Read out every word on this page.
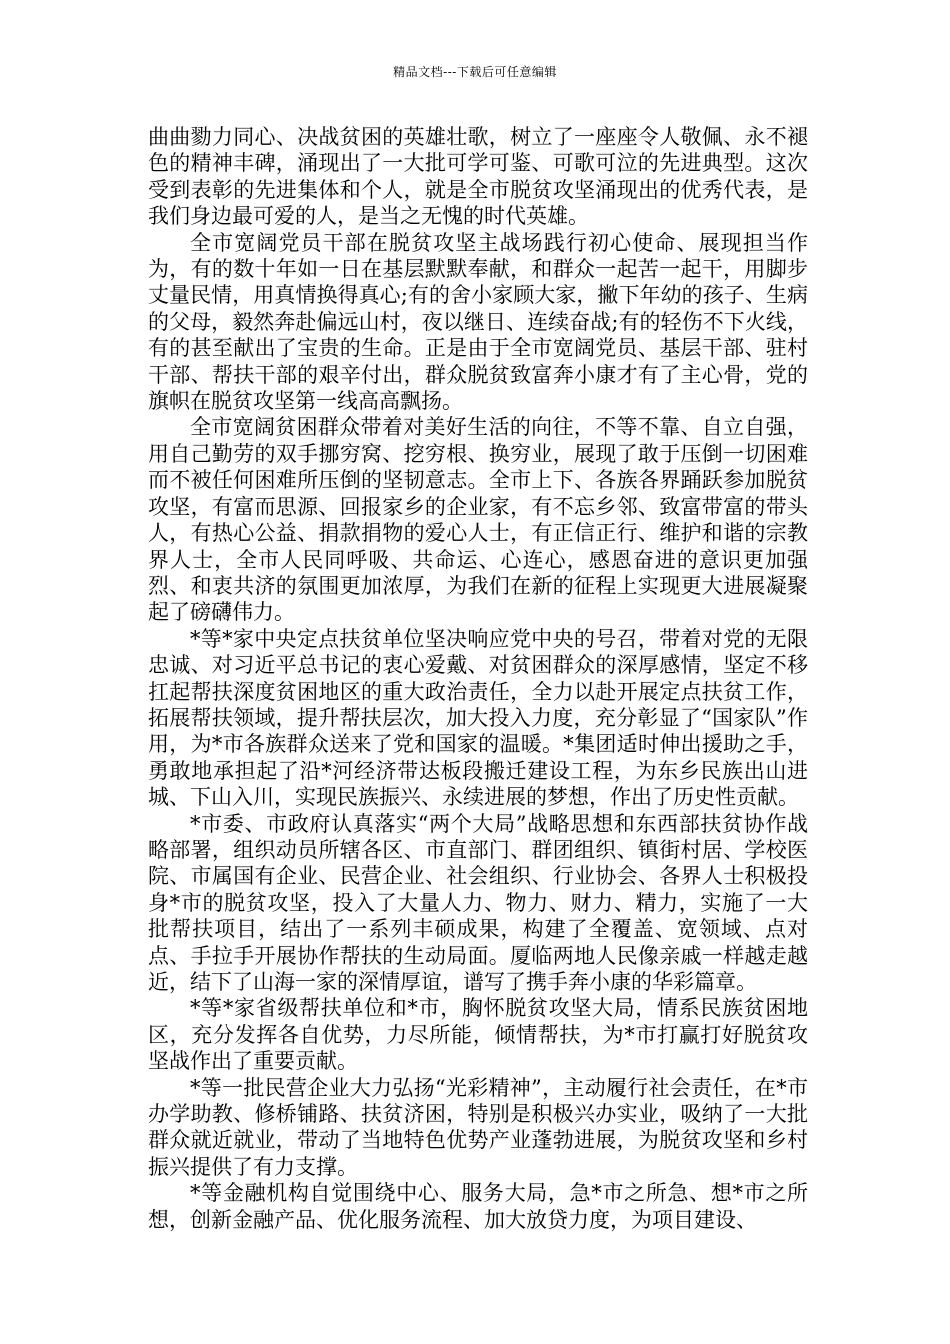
精品文档---下载后可任意编辑

曲曲勠力同心、决战贫困的英雄壮歌，树立了一座座令人敬佩、永不褪色的精神丰碑，涌现出了一大批可学可鉴、可歌可泣的先进典型。这次受到表彰的先进集体和个人，就是全市脱贫攻坚涌现出的优秀代表，是我们身边最可爱的人，是当之无愧的时代英雄。

全市宽阔党员干部在脱贫攻坚主战场践行初心使命、展现担当作为，有的数十年如一日在基层默默奉献，和群众一起苦一起干，用脚步丈量民情，用真情换得真心;有的舍小家顾大家，撇下年幼的孩子、生病的父母，毅然奔赴偏远山村，夜以继日、连续奋战;有的轻伤不下火线，有的甚至献出了宝贵的生命。正是由于全市宽阔党员、基层干部、驻村干部、帮扶干部的艰辛付出，群众脱贫致富奔小康才有了主心骨，党的旗帜在脱贫攻坚第一线高高飘扬。

全市宽阔贫困群众带着对美好生活的向往，不等不靠、自立自强，用自己勤劳的双手挪穷窝、挖穷根、换穷业，展现了敢于压倒一切困难而不被任何困难所压倒的坚韧意志。全市上下、各族各界踊跃参加脱贫攻坚，有富而思源、回报家乡的企业家，有不忘乡邻、致富带富的带头人，有热心公益、捐款捐物的爱心人士，有正信正行、维护和谐的宗教界人士，全市人民同呼吸、共命运、心连心，感恩奋进的意识更加强烈、和衷共济的氛围更加浓厚，为我们在新的征程上实现更大进展凝聚起了磅礴伟力。

*等*家中央定点扶贫单位坚决响应党中央的号召，带着对党的无限忠诚、对习近平总书记的衷心爱戴、对贫困群众的深厚感情，坚定不移扛起帮扶深度贫困地区的重大政治责任，全力以赴开展定点扶贫工作，拓展帮扶领域，提升帮扶层次，加大投入力度，充分彰显了“国家队”作用，为*市各族群众送来了党和国家的温暖。*集团适时伸出援助之手，勇敢地承担起了沿*河经济带达板段搬迁建设工程，为东乡民族出山进城、下山入川，实现民族振兴、永续进展的梦想，作出了历史性贡献。

*市委、市政府认真落实“两个大局”战略思想和东西部扶贫协作战略部署，组织动员所辖各区、市直部门、群团组织、镇街村居、学校医院、市属国有企业、民营企业、社会组织、行业协会、各界人士积极投身*市的脱贫攻坚，投入了大量人力、物力、财力、精力，实施了一大批帮扶项目，结出了一系列丰硕成果，构建了全覆盖、宽领域、点对点、手拉手开展协作帮扶的生动局面。厦临两地人民像亲戚一样越走越近，结下了山海一家的深情厚谊，谱写了携手奔小康的华彩篇章。

*等*家省级帮扶单位和*市，胸怀脱贫攻坚大局，情系民族贫困地区，充分发挥各自优势，力尽所能，倾情帮扶，为*市打赢打好脱贫攻坚战作出了重要贡献。

*等一批民营企业大力弘扬“光彩精神”，主动履行社会责任，在*市办学助教、修桥铺路、扶贫济困，特别是积极兴办实业，吸纳了一大批群众就近就业，带动了当地特色优势产业蓬勃进展，为脱贫攻坚和乡村振兴提供了有力支撑。

*等金融机构自觉围绕中心、服务大局，急*市之所急、想*市之所想，创新金融产品、优化服务流程、加大放贷力度，为项目建设、
